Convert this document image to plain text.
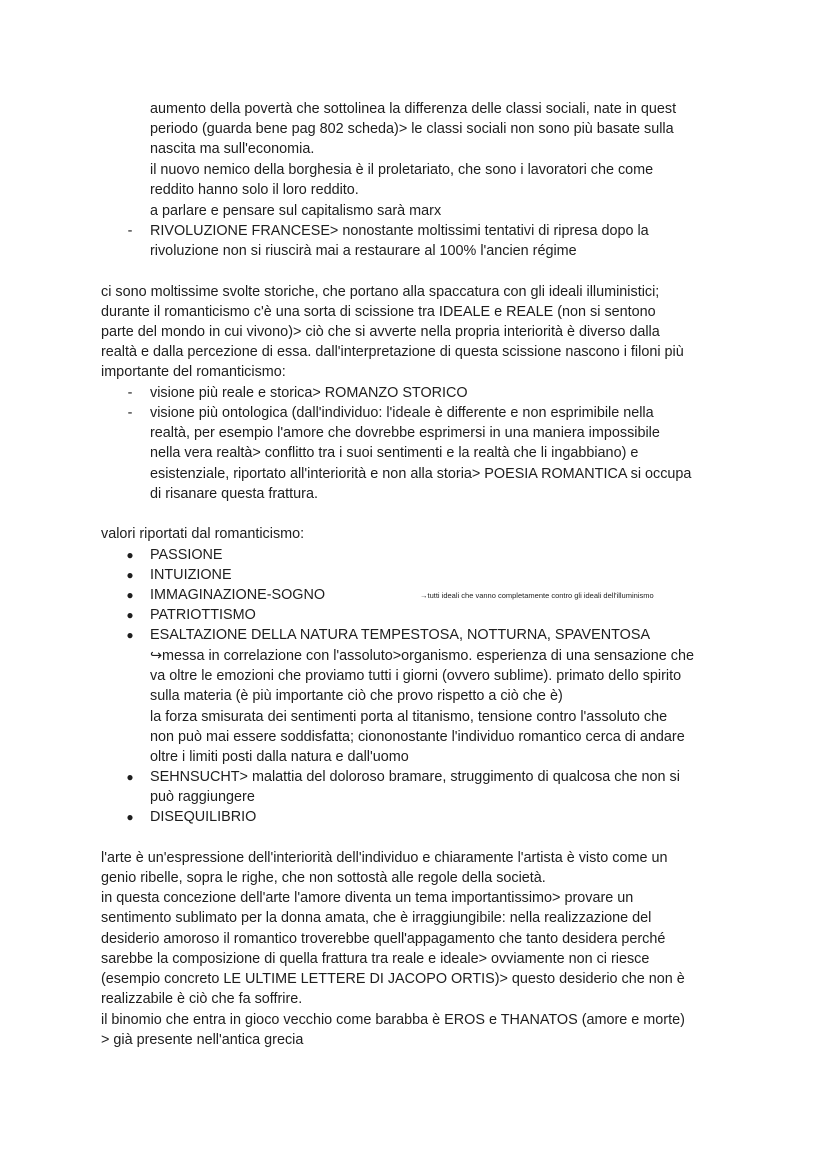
aumento della povertà che sottolinea la differenza delle classi sociali, nate in quest
periodo (guarda bene pag 802 scheda)> le classi sociali non sono più basate sulla
nascita ma sull'economia.
il nuovo nemico della borghesia è il proletariato, che sono i lavoratori che come
reddito hanno solo il loro reddito.
a parlare e pensare sul capitalismo sarà marx
- RIVOLUZIONE FRANCESE> nonostante moltissimi tentativi di ripresa dopo la
rivoluzione non si riuscirà mai a restaurare al 100% l'ancien régime
ci sono moltissime svolte storiche, che portano alla spaccatura con gli ideali illuministici;
durante il romanticismo c'è una sorta di scissione tra IDEALE e REALE (non si sentono
parte del mondo in cui vivono)> ciò che si avverte nella propria interiorità è diverso dalla
realtà e dalla percezione di essa. dall'interpretazione di questa scissione nascono i filoni più
importante del romanticismo:
- visione più reale e storica> ROMANZO STORICO
- visione più ontologica (dall'individuo: l'ideale è differente e non esprimibile nella
realtà, per esempio l'amore che dovrebbe esprimersi in una maniera impossibile
nella vera realtà> conflitto tra i suoi sentimenti e la realtà che li ingabbiano) e
esistenziale, riportato all'interiorità e non alla storia> POESIA ROMANTICA si occupa
di risanare questa frattura.
valori riportati dal romanticismo:
● PASSIONE
● INTUIZIONE
● IMMAGINAZIONE-SOGNO	→tutti ideali che vanno completamente contro gli ideali dell'illuminismo
● PATRIOTTISMO
● ESALTAZIONE DELLA NATURA TEMPESTOSA, NOTTURNA, SPAVENTOSA
↪messa in correlazione con l'assoluto>organismo. esperienza di una sensazione che
va oltre le emozioni che proviamo tutti i giorni (ovvero sublime). primato dello spirito
sulla materia (è più importante ciò che provo rispetto a ciò che è)
la forza smisurata dei sentimenti porta al titanismo, tensione contro l'assoluto che
non può mai essere soddisfatta; ciononostante l'individuo romantico cerca di andare
oltre i limiti posti dalla natura e dall'uomo
● SEHNSUCHT> malattia del doloroso bramare, struggimento di qualcosa che non si
può raggiungere
● DISEQUILIBRIO
l'arte è un'espressione dell'interiorità dell'individuo e chiaramente l'artista è visto come un
genio ribelle, sopra le righe, che non sottostà alle regole della società.
in questa concezione dell'arte l'amore diventa un tema importantissimo> provare un
sentimento sublimato per la donna amata, che è irraggiungibile: nella realizzazione del
desiderio amoroso il romantico troverebbe quell'appagamento che tanto desidera perché
sarebbe la composizione di quella frattura tra reale e ideale> ovviamente non ci riesce
(esempio concreto LE ULTIME LETTERE DI JACOPO ORTIS)> questo desiderio che non è
realizzabile è ciò che fa soffrire.
il binomio che entra in gioco vecchio come barabba è EROS e THANATOS (amore e morte)
> già presente nell'antica grecia
